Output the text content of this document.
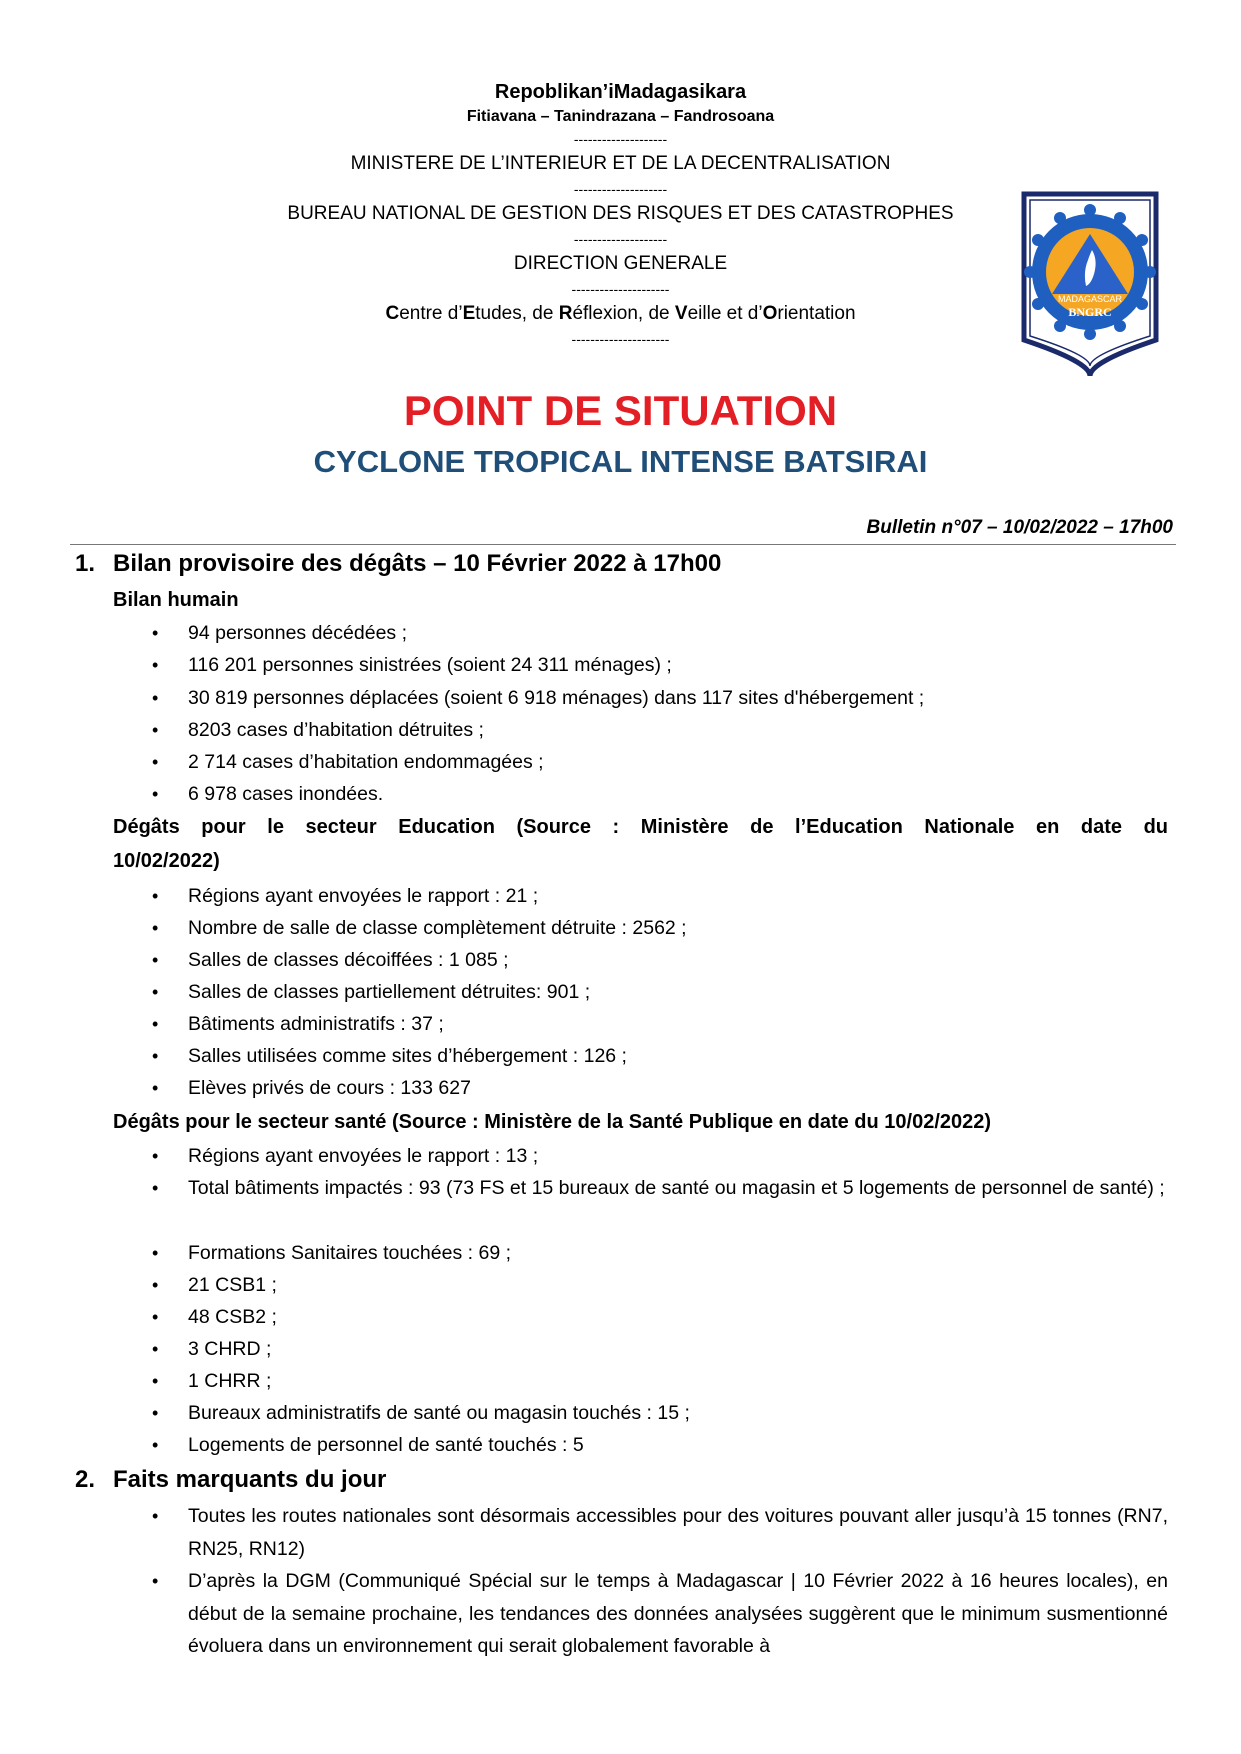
Repoblikan’iMadagasikara
Fitiavana – Tanindrazana – Fandrosoana
--------------------
MINISTERE DE L’INTERIEUR ET DE LA DECENTRALISATION
--------------------
BUREAU NATIONAL DE GESTION DES RISQUES ET DES CATASTROPHES
--------------------
DIRECTION GENERALE
---------------------
Centre d’Etudes, de Réflexion, de Veille et d’Orientation
---------------------
MADAGASCAR
BNGRC
POINT DE SITUATION
CYCLONE TROPICAL INTENSE BATSIRAI
Bulletin n°07 – 10/02/2022 – 17h00
1. Bilan provisoire des dégâts – 10 Février 2022 à 17h00
Bilan humain
• 94 personnes décédées ;
• 116 201 personnes sinistrées (soient 24 311 ménages) ;
• 30 819 personnes déplacées (soient 6 918 ménages) dans 117 sites d'hébergement ;
• 8203 cases d’habitation détruites ;
• 2 714 cases d’habitation endommagées ;
• 6 978 cases inondées.
Dégâts pour le secteur Education (Source : Ministère de l’Education Nationale en date du
10/02/2022)
• Régions ayant envoyées le rapport : 21 ;
• Nombre de salle de classe complètement détruite : 2562 ;
• Salles de classes décoiffées : 1 085 ;
• Salles de classes partiellement détruites: 901 ;
• Bâtiments administratifs : 37 ;
• Salles utilisées comme sites d’hébergement : 126 ;
• Elèves privés de cours : 133 627
Dégâts pour le secteur santé (Source : Ministère de la Santé Publique en date du 10/02/2022)
• Régions ayant envoyées le rapport : 13 ;
• Total bâtiments impactés : 93 (73 FS et 15 bureaux de santé ou magasin et 5 logements de personnel de santé) ;
• Formations Sanitaires touchées : 69 ;
• 21 CSB1 ;
• 48 CSB2 ;
• 3 CHRD ;
• 1 CHRR ;
• Bureaux administratifs de santé ou magasin touchés : 15 ;
• Logements de personnel de santé touchés : 5
2. Faits marquants du jour
• Toutes les routes nationales sont désormais accessibles pour des voitures pouvant aller jusqu’à 15 tonnes (RN7, RN25, RN12)
• D’après la DGM (Communiqué Spécial sur le temps à Madagascar | 10 Février 2022 à 16 heures locales), en début de la semaine prochaine, les tendances des données analysées suggèrent que le minimum susmentionné évoluera dans un environnement qui serait globalement favorable à
